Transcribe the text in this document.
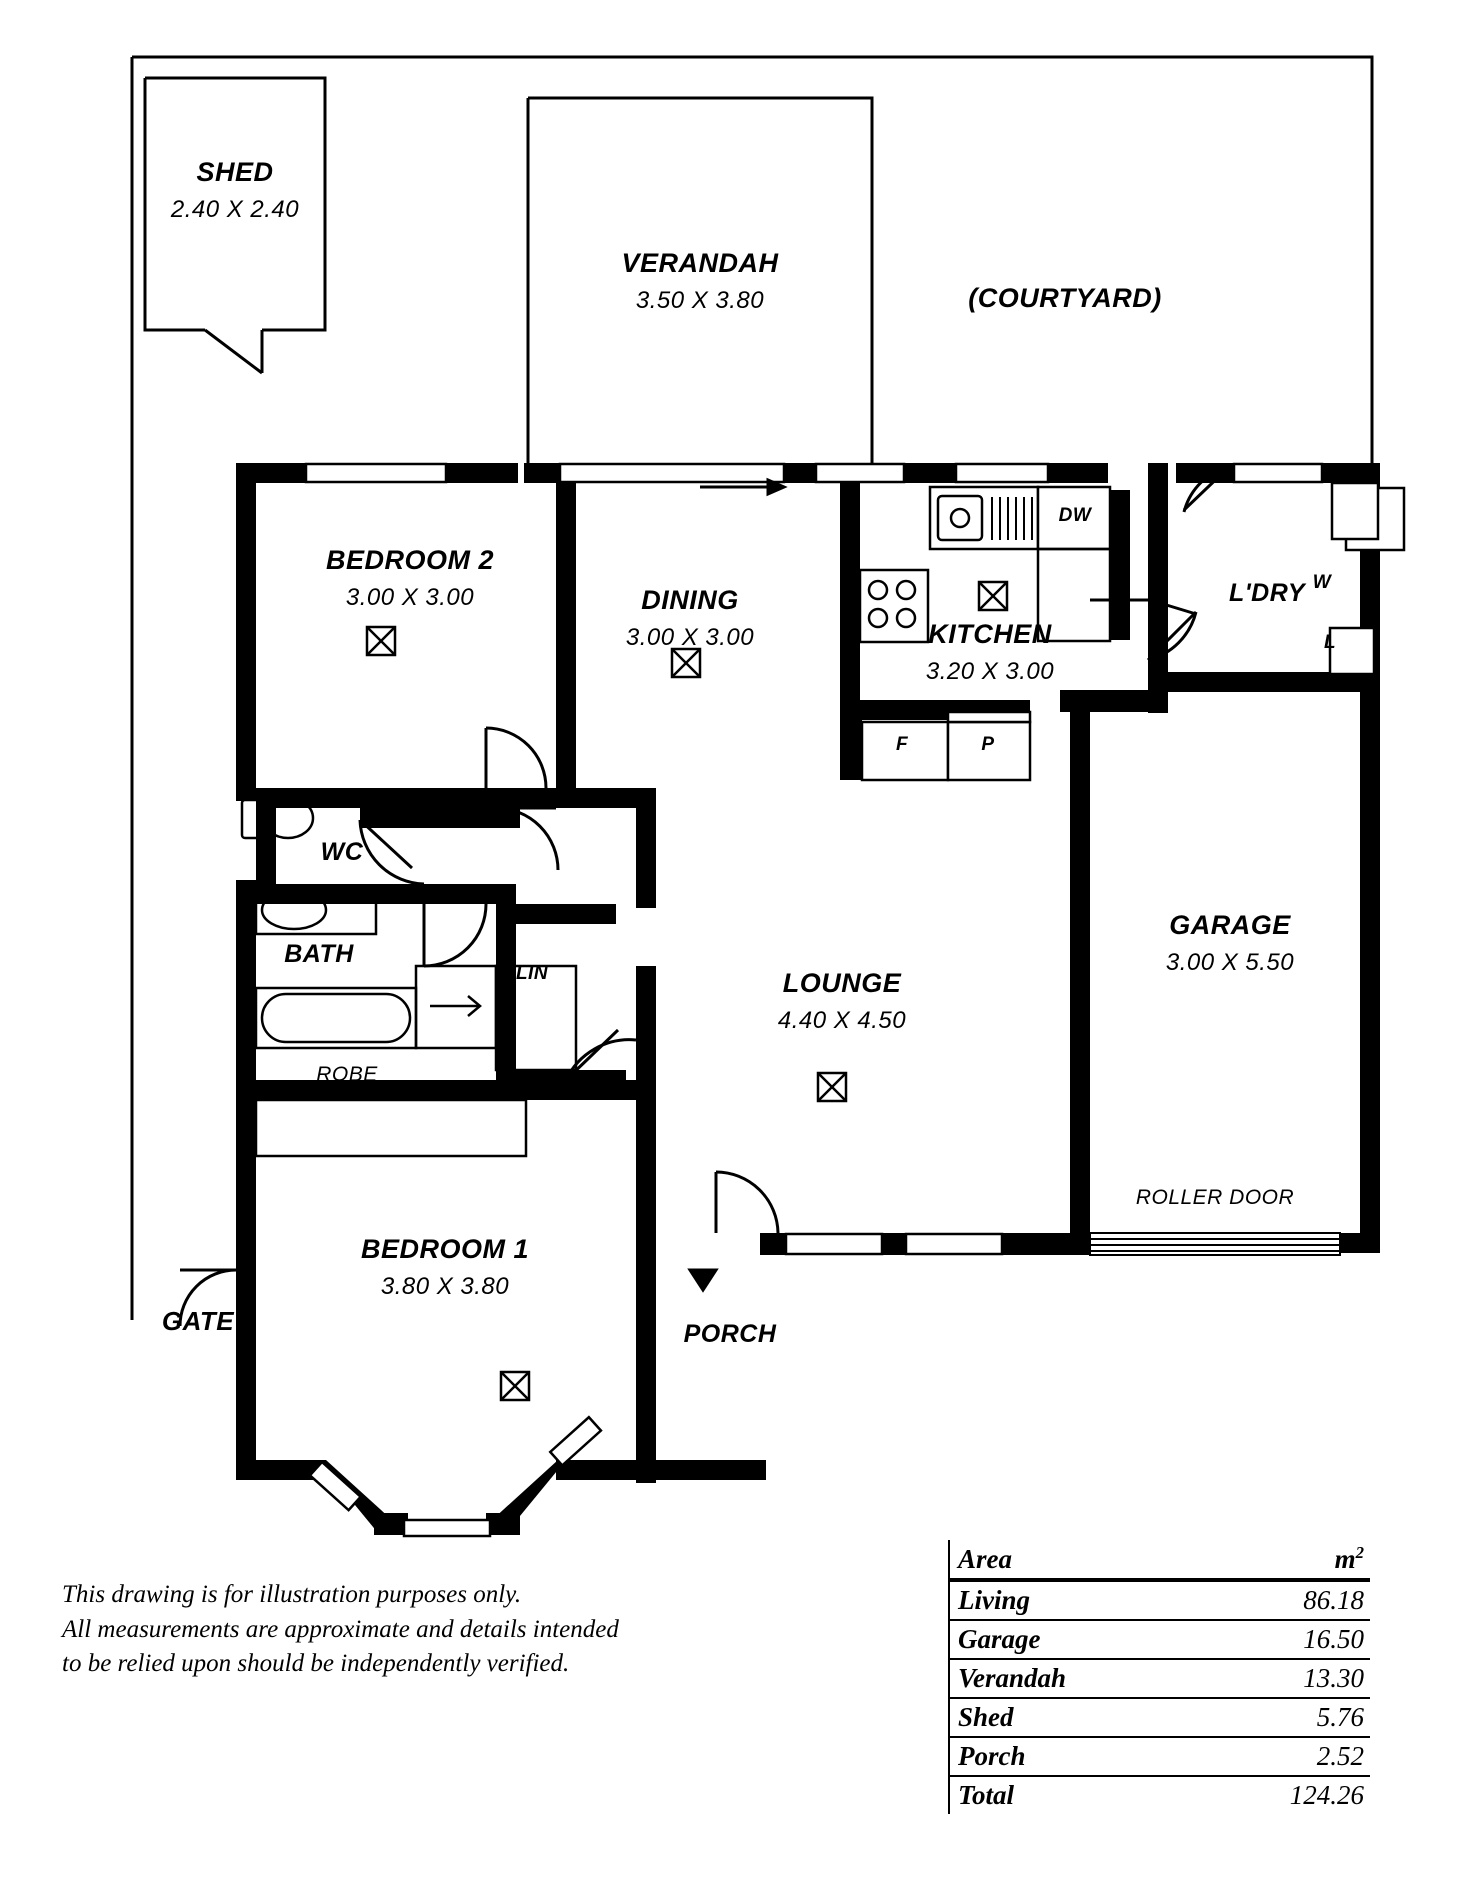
SHED
2.40 X 2.40
VERANDAH
3.50 X 3.80	(COURTYARD)
BEDROOM 2
3.00 X 3.00	DINING
3.00 X 3.00	KITCHEN
3.20 X 3.00
L'DRY
GARAGE
3.00 X 5.50
LOUNGE
4.40 X 4.50
BEDROOM 1
3.80 X 3.80
BATH
WC
PORCH
DW
F	P
W
L
LIN
ROBE
ROLLER DOOR
GATE
This drawing is for illustration purposes only.
All measurements are approximate and details intended
to be relied upon should be independently verified.
Area	$m^2$
Living	86.18
Garage	16.50
Verandah	13.30
Shed	5.76
Porch	2.52
Total	124.26
